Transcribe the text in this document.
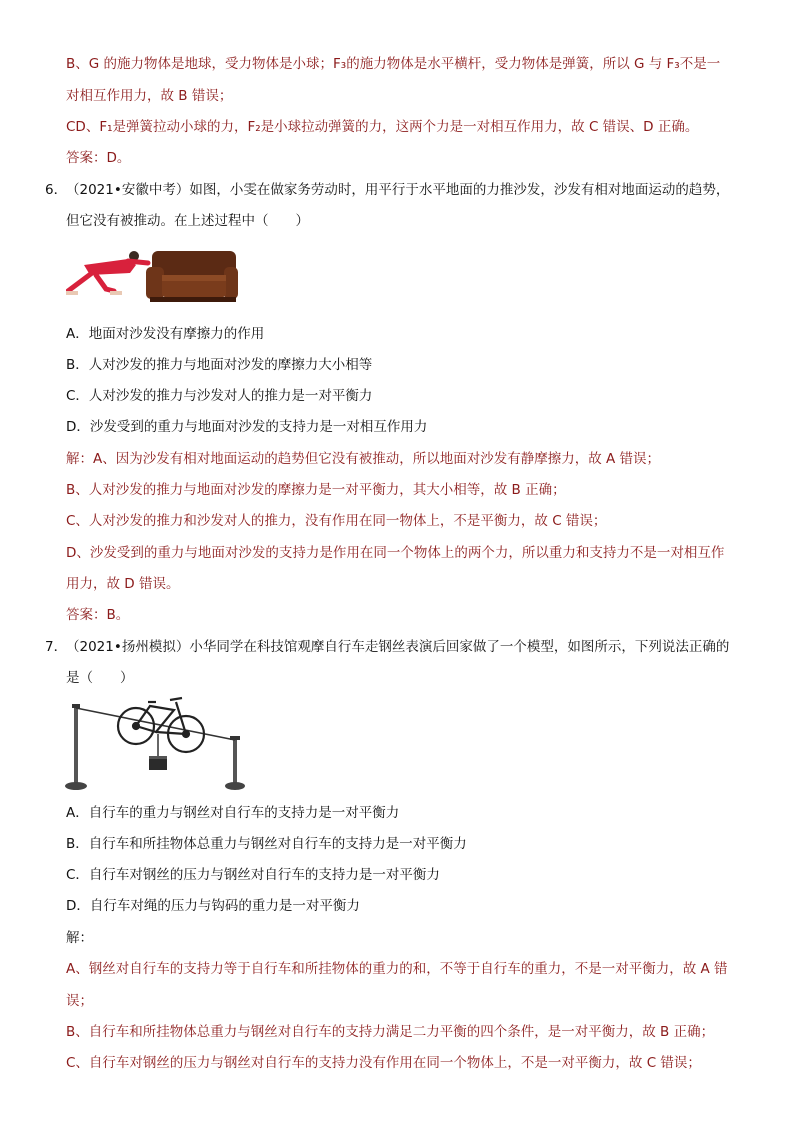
B、G 的施力物体是地球，受力物体是小球；F₃的施力物体是水平横杆，受力物体是弹簧，所以 G 与 F₃不是一
对相互作用力，故 B 错误；
CD、F₁是弹簧拉动小球的力，F₂是小球拉动弹簧的力，这两个力是一对相互作用力，故 C 错误、D 正确。
答案：D。
6．
（2021•安徽中考）如图，小雯在做家务劳动时，用平行于水平地面的力推沙发，沙发有相对地面运动的趋势，
但它没有被推动。在上述过程中（　　）
A．地面对沙发没有摩擦力的作用
B．人对沙发的推力与地面对沙发的摩擦力大小相等
C．人对沙发的推力与沙发对人的推力是一对平衡力
D．沙发受到的重力与地面对沙发的支持力是一对相互作用力
解：A、因为沙发有相对地面运动的趋势但它没有被推动，所以地面对沙发有静摩擦力，故 A 错误；
B、人对沙发的推力与地面对沙发的摩擦力是一对平衡力，其大小相等，故 B 正确；
C、人对沙发的推力和沙发对人的推力，没有作用在同一物体上，不是平衡力，故 C 错误；
D、沙发受到的重力与地面对沙发的支持力是作用在同一个物体上的两个力，所以重力和支持力不是一对相互作
用力，故 D 错误。
答案：B。
7．
（2021•扬州模拟）小华同学在科技馆观摩自行车走钢丝表演后回家做了一个模型，如图所示，下列说法正确的
是（　　）
A．自行车的重力与钢丝对自行车的支持力是一对平衡力
B．自行车和所挂物体总重力与钢丝对自行车的支持力是一对平衡力
C．自行车对钢丝的压力与钢丝对自行车的支持力是一对平衡力
D．自行车对绳的压力与钩码的重力是一对平衡力
解：
A、钢丝对自行车的支持力等于自行车和所挂物体的重力的和，不等于自行车的重力，不是一对平衡力，故 A 错
误；
B、自行车和所挂物体总重力与钢丝对自行车的支持力满足二力平衡的四个条件，是一对平衡力，故 B 正确；
C、自行车对钢丝的压力与钢丝对自行车的支持力没有作用在同一个物体上，不是一对平衡力，故 C 错误；
